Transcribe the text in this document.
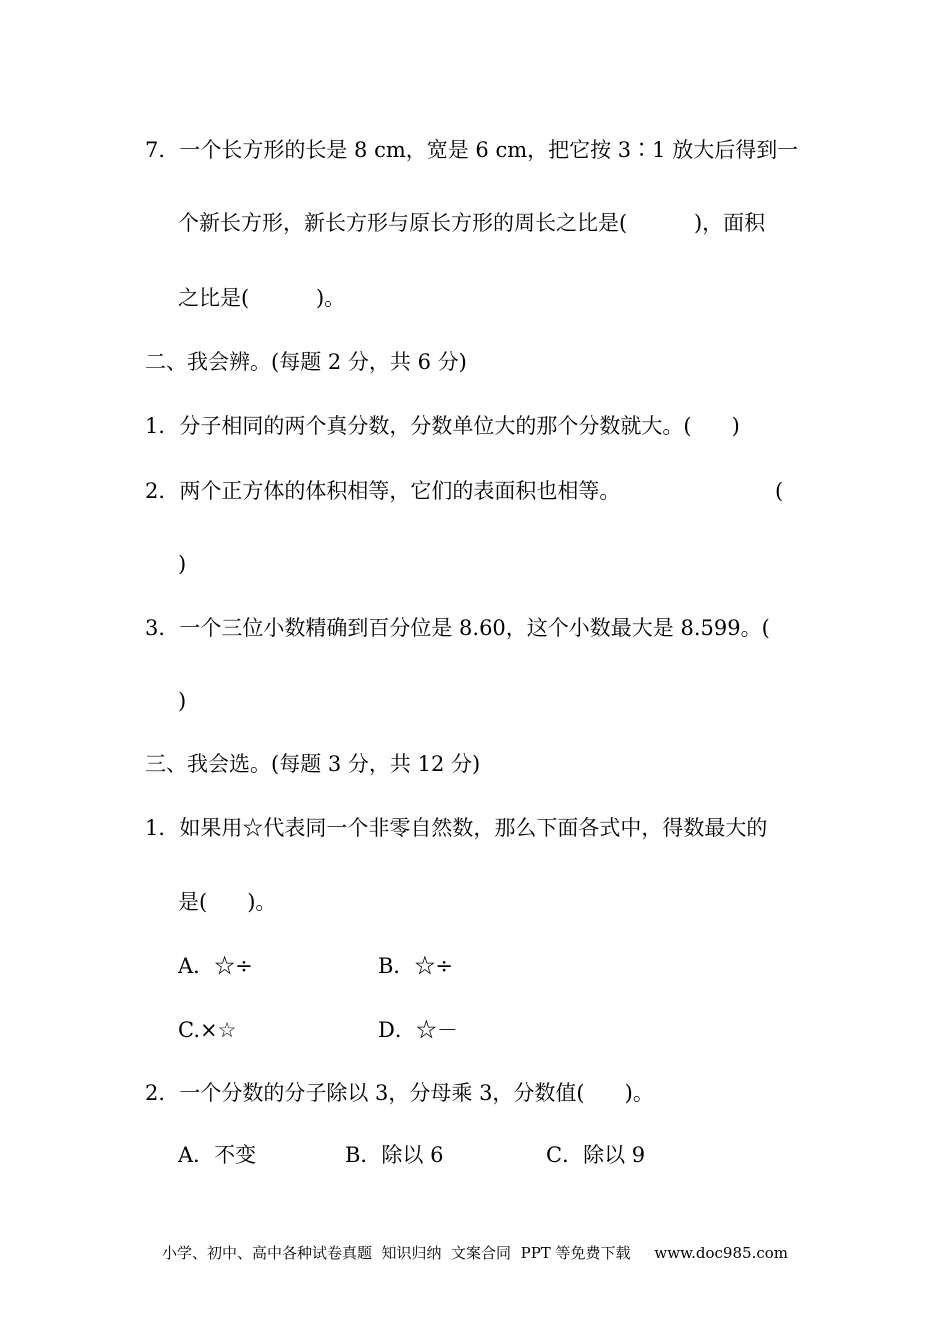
7．一个长方形的长是 8 cm，宽是 6 cm，把它按 3∶1 放大后得到一
个新长方形，新长方形与原长方形的周长之比是(          )，面积
之比是(          )。
二、我会辨。(每题 2 分，共 6 分)
1．分子相同的两个真分数，分数单位大的那个分数就大。(      )
2．两个正方体的体积相等，它们的表面积也相等。	(
)
3．一个三位小数精确到百分位是 8.60，这个小数最大是 8.599。(
)
三、我会选。(每题 3 分，共 12 分)
1．如果用☆代表同一个非零自然数，那么下面各式中，得数最大的
是(      )。
A．☆÷	B．☆÷
C.×☆	D．☆－
2．一个分数的分子除以 3，分母乘 3，分数值(      )。
A．不变	B．除以 6	C．除以 9
小学、初中、高中各种试卷真题  知识归纳  文案合同  PPT 等免费下载     www.doc985.com
